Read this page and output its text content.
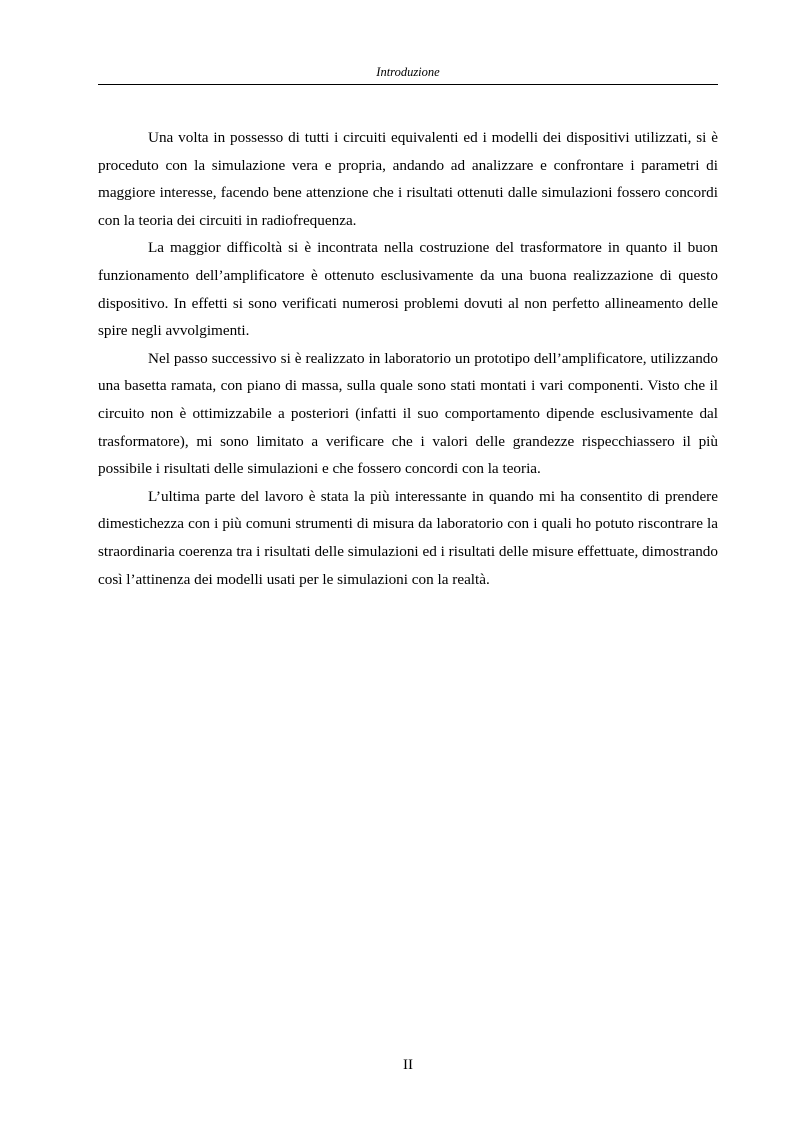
Introduzione

Una volta in possesso di tutti i circuiti equivalenti ed i modelli dei dispositivi utilizzati, si è proceduto con la simulazione vera e propria, andando ad analizzare e confrontare i parametri di maggiore interesse, facendo bene attenzione che i risultati ottenuti dalle simulazioni fossero concordi con la teoria dei circuiti in radiofrequenza.

La maggior difficoltà si è incontrata nella costruzione del trasformatore in quanto il buon funzionamento dell’amplificatore è ottenuto esclusivamente da una buona realizzazione di questo dispositivo. In effetti si sono verificati numerosi problemi dovuti al non perfetto allineamento delle spire negli avvolgimenti.

Nel passo successivo si è realizzato in laboratorio un prototipo dell’amplificatore, utilizzando una basetta ramata, con piano di massa, sulla quale sono stati montati i vari componenti. Visto che il circuito non è ottimizzabile a posteriori (infatti il suo comportamento dipende esclusivamente dal trasformatore), mi sono limitato a verificare che i valori delle grandezze rispecchiassero il più possibile i risultati delle simulazioni e che fossero concordi con la teoria.

L’ultima parte del lavoro è stata la più interessante in quando mi ha consentito di prendere dimestichezza con i più comuni strumenti di misura da laboratorio con i quali ho potuto riscontrare la straordinaria coerenza tra i risultati delle simulazioni ed i risultati delle misure effettuate, dimostrando così l’attinenza dei modelli usati per le simulazioni con la realtà.

II
